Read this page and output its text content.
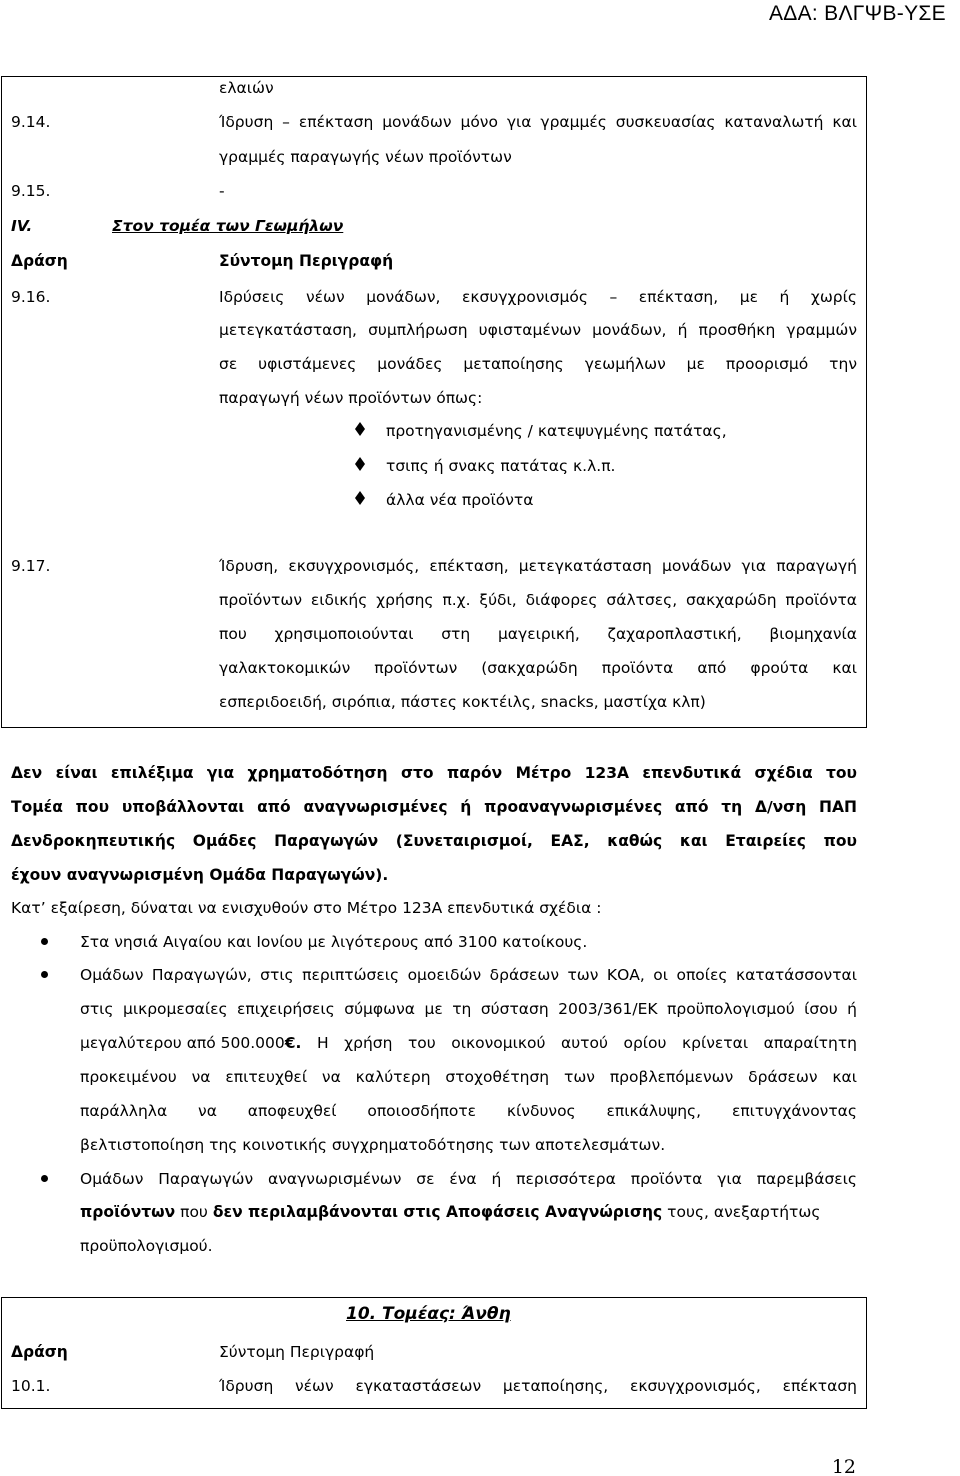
ΑΔΑ: ΒΛΓΨΒ-ΥΣΕ
ελαιών
9.14.	Ίδρυση – επέκταση μονάδων μόνο για γραμμές συσκευασίας καταναλωτή και
γραμμές παραγωγής νέων προϊόντων
9.15.	-
IV.	Στον τομέα των Γεωμήλων
Δράση	Σύντομη Περιγραφή
9.16.	Ιδρύσεις νέων μονάδων, εκσυγχρονισμός – επέκταση, με ή χωρίς
μετεγκατάσταση, συμπλήρωση υφισταμένων μονάδων, ή προσθήκη γραμμών
σε υφιστάμενες μονάδες μεταποίησης γεωμήλων με προορισμό την
παραγωγή νέων προϊόντων όπως:
προτηγανισμένης / κατεψυγμένης πατάτας,
τσιπς ή σνακς πατάτας κ.λ.π.
άλλα νέα προϊόντα
9.17.	Ίδρυση, εκσυγχρονισμός, επέκταση, μετεγκατάσταση μονάδων για παραγωγή
προϊόντων ειδικής χρήσης π.χ. ξύδι, διάφορες σάλτσες, σακχαρώδη προϊόντα
που χρησιμοποιούνται στη μαγειρική, ζαχαροπλαστική, βιομηχανία
γαλακτοκομικών προϊόντων (σακχαρώδη προϊόντα από φρούτα και
εσπεριδοειδή, σιρόπια, πάστες κοκτέιλς, snacks, μαστίχα κλπ)
Δεν είναι επιλέξιμα για χρηματοδότηση στο παρόν Μέτρο 123Α επενδυτικά σχέδια του
Τομέα που υποβάλλονται από αναγνωρισμένες ή προαναγνωρισμένες από τη Δ/νση ΠΑΠ
Δενδροκηπευτικής Ομάδες Παραγωγών (Συνεταιρισμοί, ΕΑΣ, καθώς και Εταιρείες που
έχουν αναγνωρισμένη Ομάδα Παραγωγών).
Κατ’ εξαίρεση, δύναται να ενισχυθούν στο Μέτρο 123Α επενδυτικά σχέδια :
Στα νησιά Αιγαίου και Ιονίου με λιγότερους από 3100 κατοίκους.
Ομάδων Παραγωγών, στις περιπτώσεις ομοειδών δράσεων των ΚΟΑ, οι οποίες κατατάσσονται
στις μικρομεσαίες επιχειρήσεις σύμφωνα με τη σύσταση 2003/361/ΕΚ προϋπολογισμού ίσου ή
μεγαλύτερου από 500.000€. Η χρήση του οικονομικού αυτού ορίου κρίνεται απαραίτητη
προκειμένου να επιτευχθεί να καλύτερη στοχοθέτηση των προβλεπόμενων δράσεων και
παράλληλα να αποφευχθεί οποιοσδήποτε κίνδυνος επικάλυψης, επιτυγχάνοντας
βελτιστοποίηση της κοινοτικής συγχρηματοδότησης των αποτελεσμάτων.
Ομάδων Παραγωγών αναγνωρισμένων σε ένα ή περισσότερα προϊόντα για παρεμβάσεις
προϊόντων που δεν περιλαμβάνονται στις Αποφάσεις Αναγνώρισης τους, ανεξαρτήτως
προϋπολογισμού.
10. Τομέας: Άνθη
Δράση	Σύντομη Περιγραφή
10.1.	Ίδρυση νέων εγκαταστάσεων μεταποίησης, εκσυγχρονισμός, επέκταση
12
